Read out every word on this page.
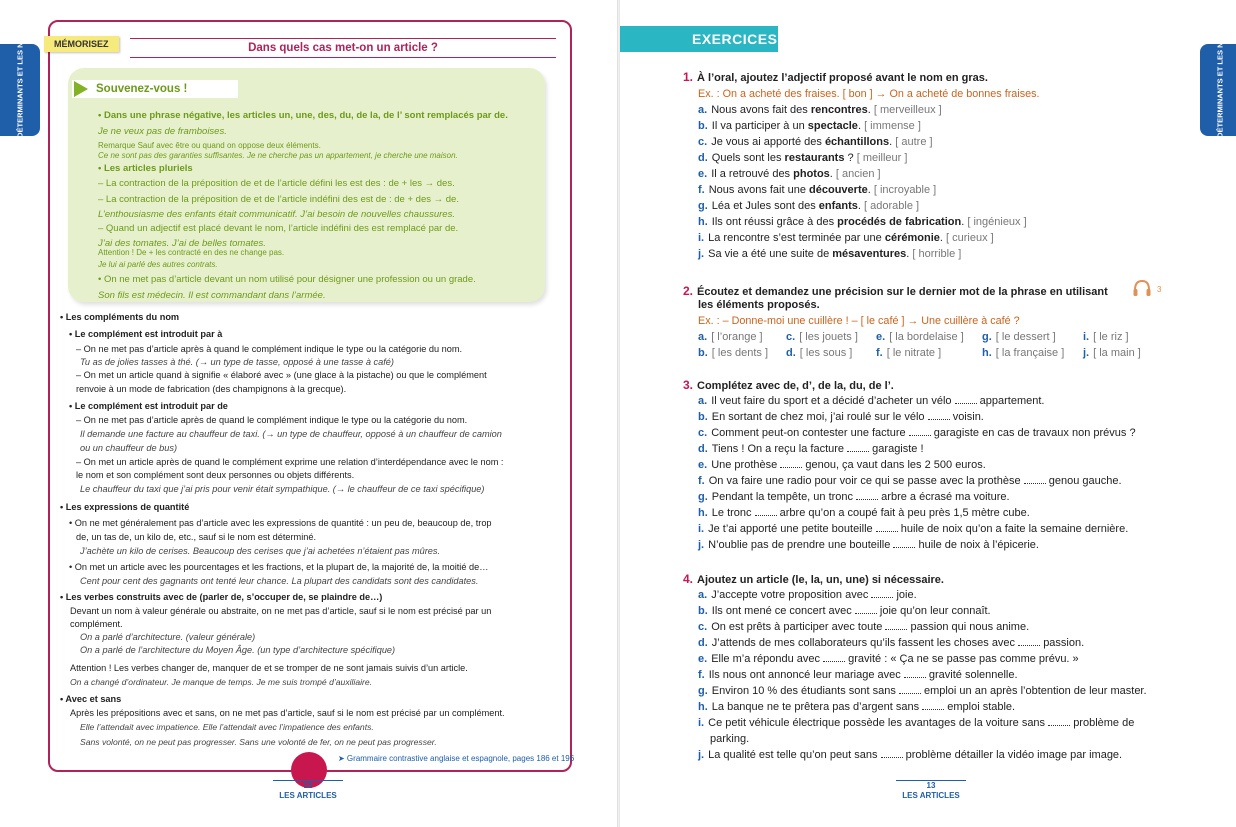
LES DÉTERMINANTS ET LES NOMS	MÉMORISEZ	Dans quels cas met-on un article ?
Souvenez-vous !
• Dans une phrase négative, les articles un, une, des, du, de la, de l’ sont remplacés par de.
Je ne veux pas de framboises.
Remarque Sauf avec être ou quand on oppose deux éléments.
Ce ne sont pas des garanties suffisantes. Je ne cherche pas un appartement, je cherche une maison.
• Les articles pluriels
– La contraction de la préposition de et de l’article défini les est des : de + les → des.
– La contraction de la préposition de et de l’article indéfini des est de : de + des → de.
L’enthousiasme des enfants était communicatif. J’ai besoin de nouvelles chaussures.
– Quand un adjectif est placé devant le nom, l’article indéfini des est remplacé par de.
J’ai des tomates. J’ai de belles tomates.
Attention ! De + les contracté en des ne change pas.
Je lui ai parlé des autres contrats.
• On ne met pas d’article devant un nom utilisé pour désigner une profession ou un grade.
Son fils est médecin. Il est commandant dans l’armée.
• Les compléments du nom
• Le complément est introduit par à
– On ne met pas d’article après à quand le complément indique le type ou la catégorie du nom.
Tu as de jolies tasses à thé. (→ un type de tasse, opposé à une tasse à café)
– On met un article quand à signifie « élaboré avec » (une glace à la pistache) ou que le complément
renvoie à un mode de fabrication (des champignons à la grecque).
• Le complément est introduit par de
– On ne met pas d’article après de quand le complément indique le type ou la catégorie du nom.
Il demande une facture au chauffeur de taxi. (→ un type de chauffeur, opposé à un chauffeur de camion
ou un chauffeur de bus)
– On met un article après de quand le complément exprime une relation d’interdépendance avec le nom :
le nom et son complément sont deux personnes ou objets différents.
Le chauffeur du taxi que j’ai pris pour venir était sympathique. (→ le chauffeur de ce taxi spécifique)
• Les expressions de quantité
• On ne met généralement pas d’article avec les expressions de quantité : un peu de, beaucoup de, trop
de, un tas de, un kilo de, etc., sauf si le nom est déterminé.
J’achète un kilo de cerises. Beaucoup des cerises que j’ai achetées n’étaient pas mûres.
• On met un article avec les pourcentages et les fractions, et la plupart de, la majorité de, la moitié de…
Cent pour cent des gagnants ont tenté leur chance. La plupart des candidats sont des candidates.
• Les verbes construits avec de (parler de, s’occuper de, se plaindre de…)
Devant un nom à valeur générale ou abstraite, on ne met pas d’article, sauf si le nom est précisé par un
complément.
On a parlé d’architecture. (valeur générale)
On a parlé de l’architecture du Moyen Âge. (un type d’architecture spécifique)
Attention ! Les verbes changer de, manquer de et se tromper de ne sont jamais suivis d’un article.
On a changé d’ordinateur. Je manque de temps. Je me suis trompé d’auxiliaire.
• Avec et sans
Après les prépositions avec et sans, on ne met pas d’article, sauf si le nom est précisé par un complément.
Elle l’attendait avec impatience. Elle l’attendait avec l’impatience des enfants.
Sans volonté, on ne peut pas progresser. Sans une volonté de fer, on ne peut pas progresser.
➤ Grammaire contrastive anglaise et espagnole, pages 186 et 196
12
LES ARTICLES
LES DÉTERMINANTS ET LES NOMS
13
LES ARTICLES
EXERCICES
1. À l’oral, ajoutez l’adjectif proposé avant le nom en gras.
Ex. : On a acheté des fraises. [ bon ] → On a acheté de bonnes fraises.
a. Nous avons fait des rencontres. [ merveilleux ]
b. Il va participer à un spectacle. [ immense ]
c. Je vous ai apporté des échantillons. [ autre ]
d. Quels sont les restaurants ? [ meilleur ]
e. Il a retrouvé des photos. [ ancien ]
f. Nous avons fait une découverte. [ incroyable ]
g. Léa et Jules sont des enfants. [ adorable ]
h. Ils ont réussi grâce à des procédés de fabrication. [ ingénieux ]
i. La rencontre s’est terminée par une cérémonie. [ curieux ]
j. Sa vie a été une suite de mésaventures. [ horrible ]
2. Écoutez et demandez une précision sur le dernier mot de la phrase en utilisant
les éléments proposés.
Ex. : – Donne-moi une cuillère ! – [ le café ] → Une cuillère à café ?
a. [ l’orange ] c. [ les jouets ] e. [ la bordelaise ] g. [ le dessert ] i. [ le riz ]
b. [ les dents ] d. [ les sous ] f. [ le nitrate ]	h. [ la française ] j. [ la main ]
3. Complétez avec de, d’, de la, du, de l’.
a. Il veut faire du sport et a décidé d’acheter un vélo	appartement.
b. En sortant de chez moi, j’ai roulé sur le vélo	voisin.
c. Comment peut-on contester une facture	garagiste en cas de travaux non prévus ?
d. Tiens ! On a reçu la facture	garagiste !
e. Une prothèse	genou, ça vaut dans les 2 500 euros.
f. On va faire une radio pour voir ce qui se passe avec la prothèse	genou gauche.
g. Pendant la tempête, un tronc	arbre a écrasé ma voiture.
h. Le tronc	arbre qu’on a coupé fait à peu près 1,5 mètre cube.
i. Je t’ai apporté une petite bouteille	huile de noix qu’on a faite la semaine dernière.
j. N’oublie pas de prendre une bouteille	huile de noix à l’épicerie.
4. Ajoutez un article (le, la, un, une) si nécessaire.
a. J’accepte votre proposition avec	joie.
b. Ils ont mené ce concert avec	joie qu’on leur connaît.
c. On est prêts à participer avec toute	passion qui nous anime.
d. J’attends de mes collaborateurs qu’ils fassent les choses avec	passion.
e. Elle m’a répondu avec	gravité : « Ça ne se passe pas comme prévu. »
f. Ils nous ont annoncé leur mariage avec	gravité solennelle.
g. Environ 10 % des étudiants sont sans	emploi un an après l’obtention de leur master.
h. La banque ne te prêtera pas d’argent sans	emploi stable.
i. Ce petit véhicule électrique possède les avantages de la voiture sans	problème de
parking.
j. La qualité est telle qu’on peut sans	problème détailler la vidéo image par image.
3
